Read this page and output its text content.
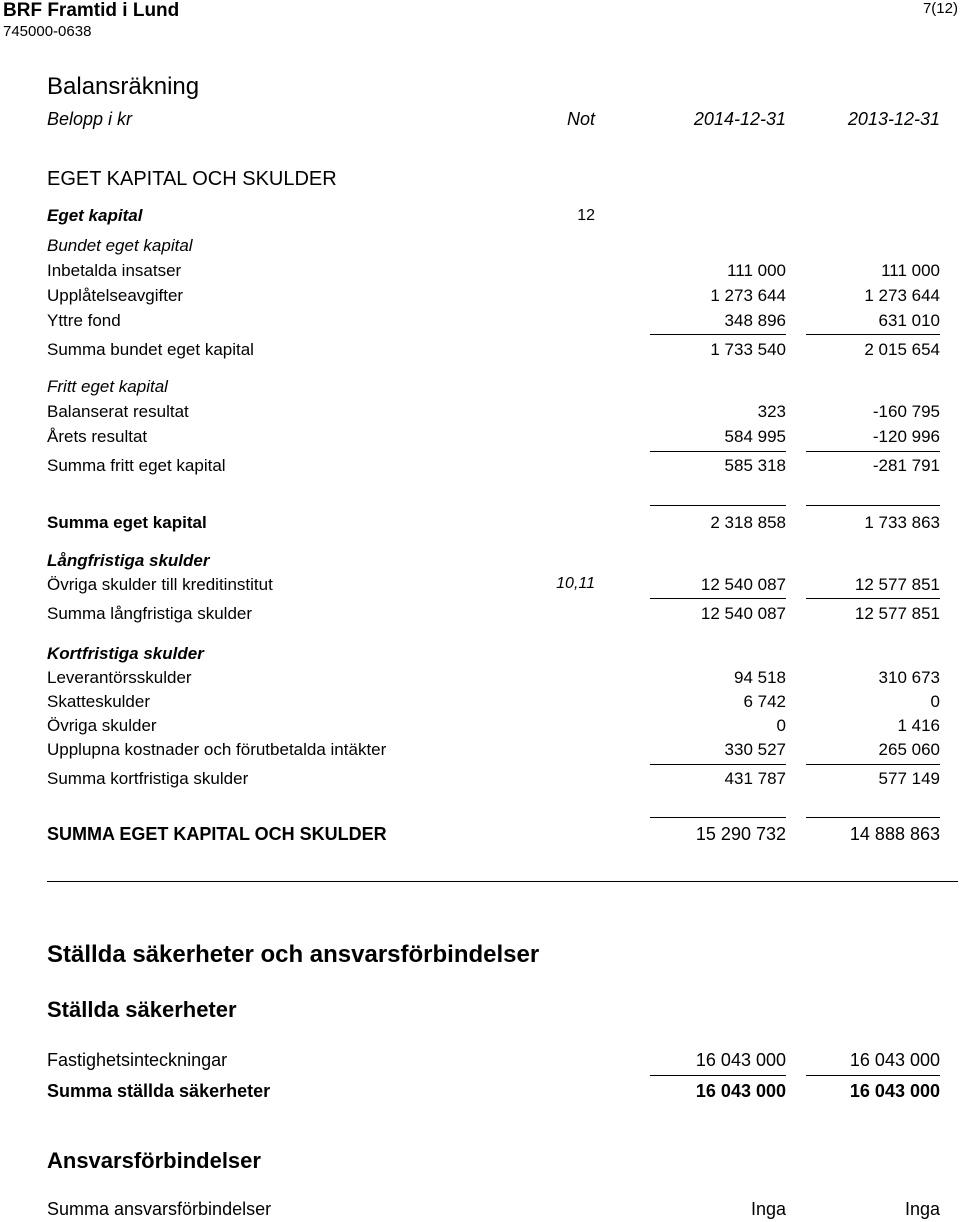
BRF Framtid i Lund
745000-0638
7(12)
Balansräkning
Belopp i kr	Not	2014-12-31	2013-12-31
EGET KAPITAL OCH SKULDER
Eget kapital	12
Bundet eget kapital
Inbetalda insatser	111 000	111 000
Upplåtelseavgifter	1 273 644	1 273 644
Yttre fond	348 896	631 010
Summa bundet eget kapital	1 733 540	2 015 654
Fritt eget kapital
Balanserat resultat	323	-160 795
Årets resultat	584 995	-120 996
Summa fritt eget kapital	585 318	-281 791
Summa eget kapital	2 318 858	1 733 863
Långfristiga skulder
Övriga skulder till kreditinstitut	10,11	12 540 087	12 577 851
Summa långfristiga skulder	12 540 087	12 577 851
Kortfristiga skulder
Leverantörsskulder	94 518	310 673
Skatteskulder	6 742	0
Övriga skulder	0	1 416
Upplupna kostnader och förutbetalda intäkter	330 527	265 060
Summa kortfristiga skulder	431 787	577 149
SUMMA EGET KAPITAL OCH SKULDER	15 290 732	14 888 863
Ställda säkerheter och ansvarsförbindelser
Ställda säkerheter
Fastighetsinteckningar	16 043 000	16 043 000
Summa ställda säkerheter	16 043 000	16 043 000
Ansvarsförbindelser
Summa ansvarsförbindelser	Inga	Inga
